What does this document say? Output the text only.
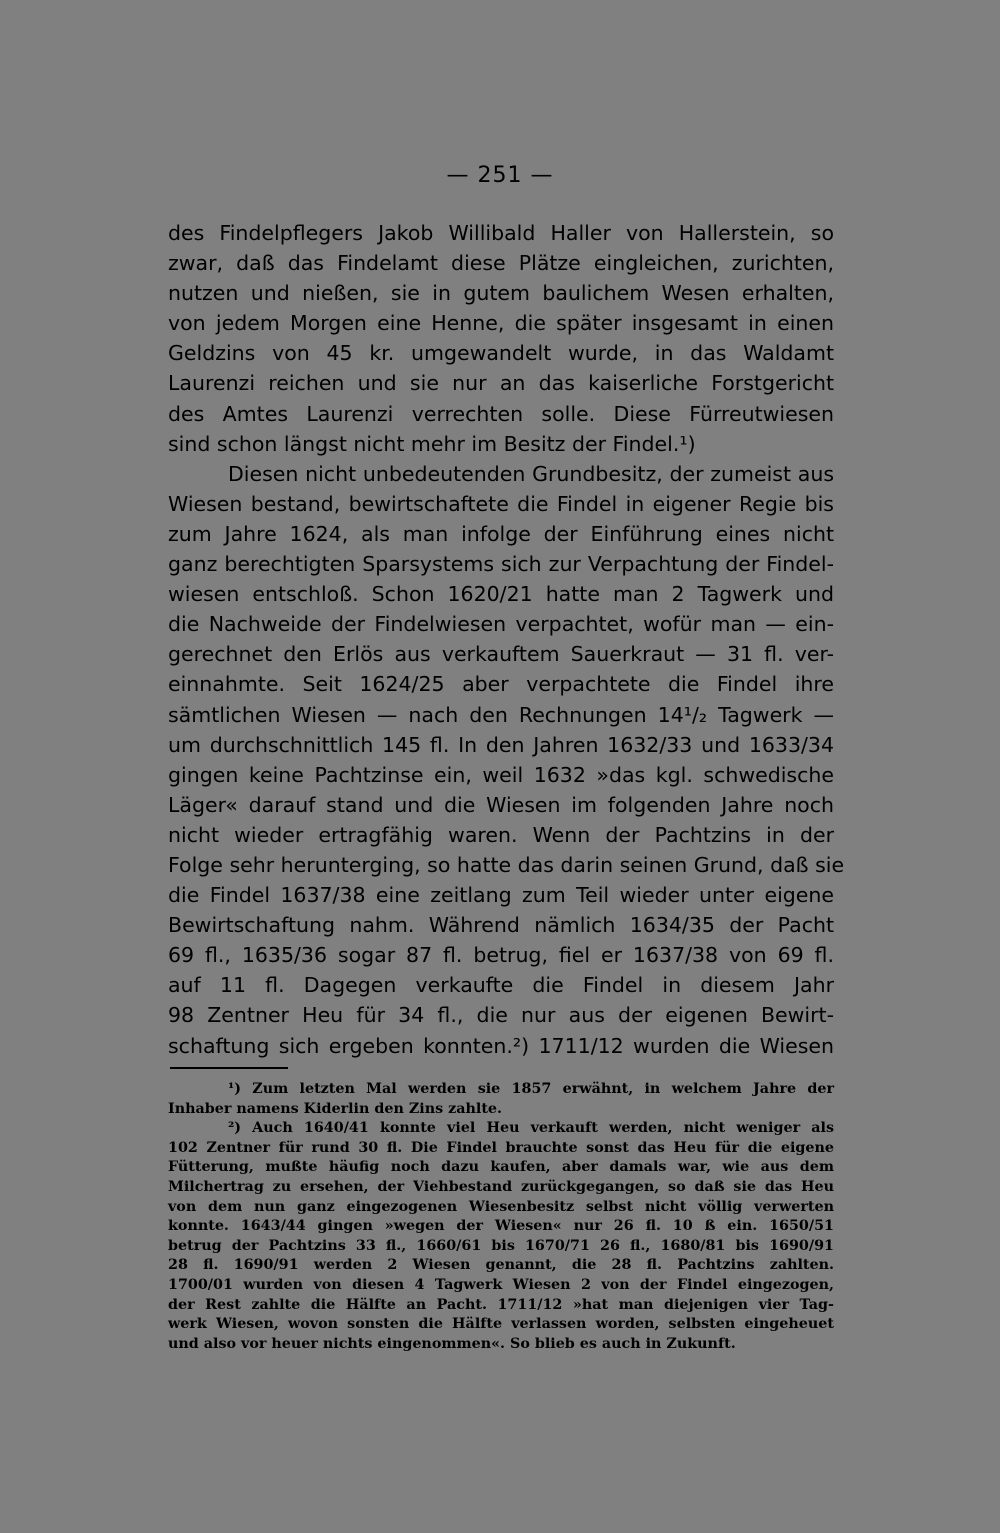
— 251 —
des Findelpflegers Jakob Willibald Haller von Hallerstein, so
zwar, daß das Findelamt diese Plätze eingleichen, zurichten,
nutzen und nießen, sie in gutem baulichem Wesen erhalten,
von jedem Morgen eine Henne, die später insgesamt in einen
Geldzins von 45 kr. umgewandelt wurde, in das Waldamt
Laurenzi reichen und sie nur an das kaiserliche Forstgericht
des Amtes Laurenzi verrechten solle. Diese Fürreutwiesen
sind schon längst nicht mehr im Besitz der Findel.¹)
Diesen nicht unbedeutenden Grundbesitz, der zumeist aus
Wiesen bestand, bewirtschaftete die Findel in eigener Regie bis
zum Jahre 1624, als man infolge der Einführung eines nicht
ganz berechtigten Sparsystems sich zur Verpachtung der Findel-
wiesen entschloß. Schon 1620/21 hatte man 2 Tagwerk und
die Nachweide der Findelwiesen verpachtet, wofür man — ein-
gerechnet den Erlös aus verkauftem Sauerkraut — 31 fl. ver-
einnahmte. Seit 1624/25 aber verpachtete die Findel ihre
sämtlichen Wiesen — nach den Rechnungen 14¹/₂ Tagwerk —
um durchschnittlich 145 fl. In den Jahren 1632/33 und 1633/34
gingen keine Pachtzinse ein, weil 1632 »das kgl. schwedische
Läger« darauf stand und die Wiesen im folgenden Jahre noch
nicht wieder ertragfähig waren. Wenn der Pachtzins in der
Folge sehr herunterging, so hatte das darin seinen Grund, daß sie
die Findel 1637/38 eine zeitlang zum Teil wieder unter eigene
Bewirtschaftung nahm. Während nämlich 1634/35 der Pacht
69 fl., 1635/36 sogar 87 fl. betrug, fiel er 1637/38 von 69 fl.
auf 11 fl. Dagegen verkaufte die Findel in diesem Jahr
98 Zentner Heu für 34 fl., die nur aus der eigenen Bewirt-
schaftung sich ergeben konnten.²) 1711/12 wurden die Wiesen
¹) Zum letzten Mal werden sie 1857 erwähnt, in welchem Jahre der
Inhaber namens Kiderlin den Zins zahlte.
²) Auch 1640/41 konnte viel Heu verkauft werden, nicht weniger als
102 Zentner für rund 30 fl. Die Findel brauchte sonst das Heu für die eigene
Fütterung, mußte häufig noch dazu kaufen, aber damals war, wie aus dem
Milchertrag zu ersehen, der Viehbestand zurückgegangen, so daß sie das Heu
von dem nun ganz eingezogenen Wiesenbesitz selbst nicht völlig verwerten
konnte. 1643/44 gingen »wegen der Wiesen« nur 26 fl. 10 ß ein. 1650/51
betrug der Pachtzins 33 fl., 1660/61 bis 1670/71 26 fl., 1680/81 bis 1690/91
28 fl. 1690/91 werden 2 Wiesen genannt, die 28 fl. Pachtzins zahlten.
1700/01 wurden von diesen 4 Tagwerk Wiesen 2 von der Findel eingezogen,
der Rest zahlte die Hälfte an Pacht. 1711/12 »hat man diejenigen vier Tag-
werk Wiesen, wovon sonsten die Hälfte verlassen worden, selbsten eingeheuet
und also vor heuer nichts eingenommen«. So blieb es auch in Zukunft.
